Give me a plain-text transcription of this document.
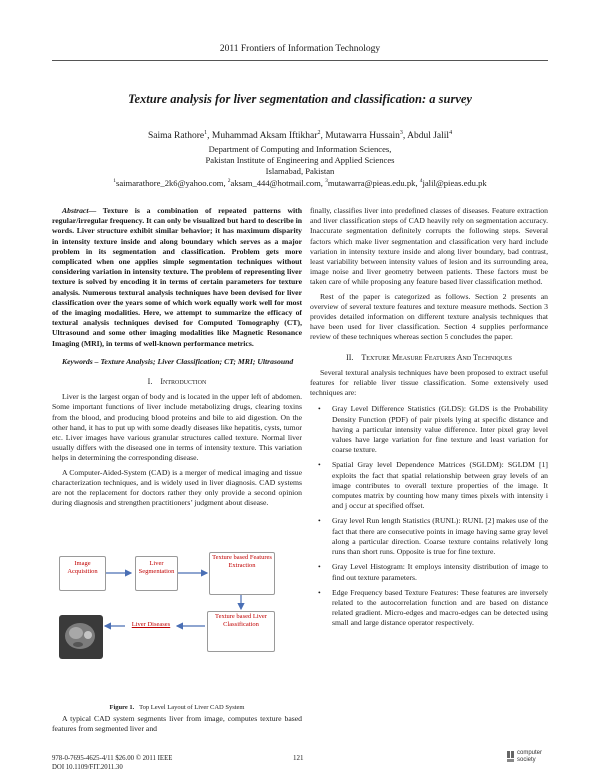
2011 Frontiers of Information Technology
Texture analysis for liver segmentation and classification: a survey
Saima Rathore$^1$, Muhammad Aksam Iftikhar$^2$, Mutawarra Hussain$^3$, Abdul Jalil$^4$
Department of Computing and Information Sciences,
Pakistan Institute of Engineering and Applied Sciences
Islamabad, Pakistan
$^1$saimarathore_2k6@yahoo.com, $^2$aksam_444@hotmail.com, $^3$mutawarra@pieas.edu.pk, $^4$jalil@pieas.edu.pk

Abstract— Texture is a combination of repeated patterns with regular/irregular frequency. It can only be visualized but hard to describe in words. Liver structure exhibit similar behavior; it has maximum disparity in intensity texture inside and along boundary which serves as a major problem in its segmentation and classification. Problem gets more complicated when one applies simple segmentation techniques without considering variation in intensity texture. The problem of representing liver texture is solved by encoding it in terms of certain parameters for texture analysis. Numerous textural analysis techniques have been devised for liver classification over the years some of which work equally work well for most of the imaging modalities. Here, we attempt to summarize the efficacy of textural analysis techniques devised for Computed Tomography (CT), Ultrasound and some other imaging modalities like Magnetic Resonance Imaging (MRI), in terms of well-known performance metrics.

Keywords – Texture Analysis; Liver Classification; CT; MRI; Ultrasound

I. Introduction

Liver is the largest organ of body and is located in the upper left of abdomen. Some important functions of liver include metabolizing drugs, clearing toxins from the blood, and producing blood proteins and bile to aid digestion. On the other hand, it has to put up with some deadly diseases like hepatitis, cysts, tumor etc. Liver images have various granular structures called texture. Normal liver usually differs with the diseased one in terms of intensity texture. This variation helps in determining the corresponding disease.

A Computer-Aided-System (CAD) is a merger of medical imaging and tissue characterization techniques, and is widely used in liver diagnosis. CAD systems are not the replacement for doctors rather they only provide a second opinion during diagnosis and strengthen practitioners’ judgment about disease.

Image Acquisition
Liver Segmentation
Texture based Features Extraction
Texture based Liver Classification
Liver Diseases
Figure 1. Top Level Layout of Liver CAD System

A typical CAD system segments liver from image, computes texture based features from segmented liver and

finally, classifies liver into predefined classes of diseases. Feature extraction and liver classification steps of CAD heavily rely on segmentation accuracy. Inaccurate segmentation definitely corrupts the following steps. Several factors which make liver segmentation and classification very hard include variation in intensity texture inside and along liver boundary, bad contrast, least variability between intensity values of lesion and its surrounding area, image noise and liver geometry between patients. These factors must be taken care of while proposing any feature based liver classification method.

Rest of the paper is categorized as follows. Section 2 presents an overview of several texture features and texture measure methods. Section 3 provides detailed information on different texture analysis techniques that have been used for liver classification. Section 4 supplies performance review of these techniques whereas section 5 concludes the paper.

II. Texture Measure Features And Techniques

Several textural analysis techniques have been proposed to extract useful features for reliable liver tissue classification. Some extensively used techniques are:

• Gray Level Difference Statistics (GLDS): GLDS is the Probability Density Function (PDF) of pair pixels lying at specific distance and having a particular intensity value difference. Inter pixel gray level values have large variation for fine texture and least variation for coarse texture.
• Spatial Gray level Dependence Matrices (SGLDM): SGLDM [1] exploits the fact that spatial relationship between gray levels of an image contributes to overall texture properties of the image. It computes matrix by counting how many times pixels with intensity i and j occur at specified offset.
• Gray level Run length Statistics (RUNL): RUNL [2] makes use of the fact that there are consecutive points in image having same gray level along a particular direction. Coarse texture contains relatively long runs than short runs. Opposite is true for fine texture.
• Gray Level Histogram: It employs intensity distribution of image to find out texture parameters.
• Edge Frequency based Texture Features: These features are inversely related to the autocorrelation function and are based on distance related gradient. Micro-edges and macro-edges can be detected using small and large distance operator respectively.
978-0-7695-4625-4/11 $26.00 © 2011 IEEE
DOI 10.1109/FIT.2011.30
121
computer society
